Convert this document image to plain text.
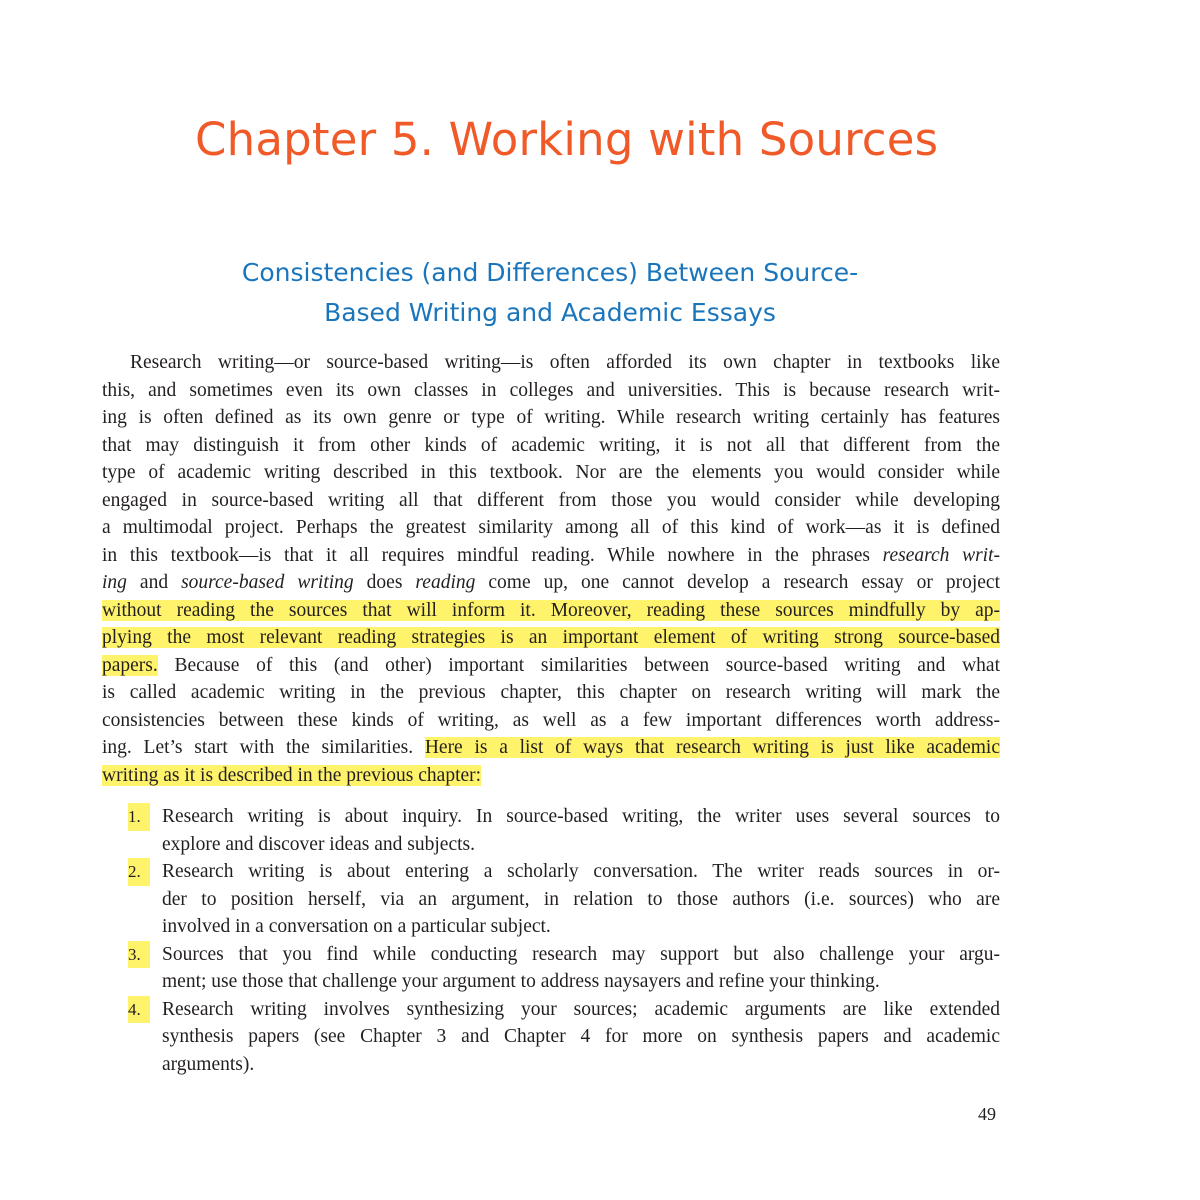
Chapter 5. Working with Sources
Consistencies (and Differences) Between Source-
Based Writing and Academic Essays
Research writing—or source-based writing—is often afforded its own chapter in textbooks like
this, and sometimes even its own classes in colleges and universities. This is because research writ-
ing is often defined as its own genre or type of writing. While research writing certainly has features
that may distinguish it from other kinds of academic writing, it is not all that different from the
type of academic writing described in this textbook. Nor are the elements you would consider while
engaged in source-based writing all that different from those you would consider while developing
a multimodal project. Perhaps the greatest similarity among all of this kind of work—as it is defined
in this textbook—is that it all requires mindful reading. While nowhere in the phrases research writ-
ing and source-based writing does reading come up, one cannot develop a research essay or project
without reading the sources that will inform it. Moreover, reading these sources mindfully by ap-
plying the most relevant reading strategies is an important element of writing strong source-based
papers. Because of this (and other) important similarities between source-based writing and what
is called academic writing in the previous chapter, this chapter on research writing will mark the
consistencies between these kinds of writing, as well as a few important differences worth address-
ing. Let’s start with the similarities. Here is a list of ways that research writing is just like academic
writing as it is described in the previous chapter:
1.	Research writing is about inquiry. In source-based writing, the writer uses several sources to
explore and discover ideas and subjects.
2.	Research writing is about entering a scholarly conversation. The writer reads sources in or-
der to position herself, via an argument, in relation to those authors (i.e. sources) who are
involved in a conversation on a particular subject.
3.	Sources that you find while conducting research may support but also challenge your argu-
ment; use those that challenge your argument to address naysayers and refine your thinking.
4.	Research writing involves synthesizing your sources; academic arguments are like extended
synthesis papers (see Chapter 3 and Chapter 4 for more on synthesis papers and academic
arguments).

49
